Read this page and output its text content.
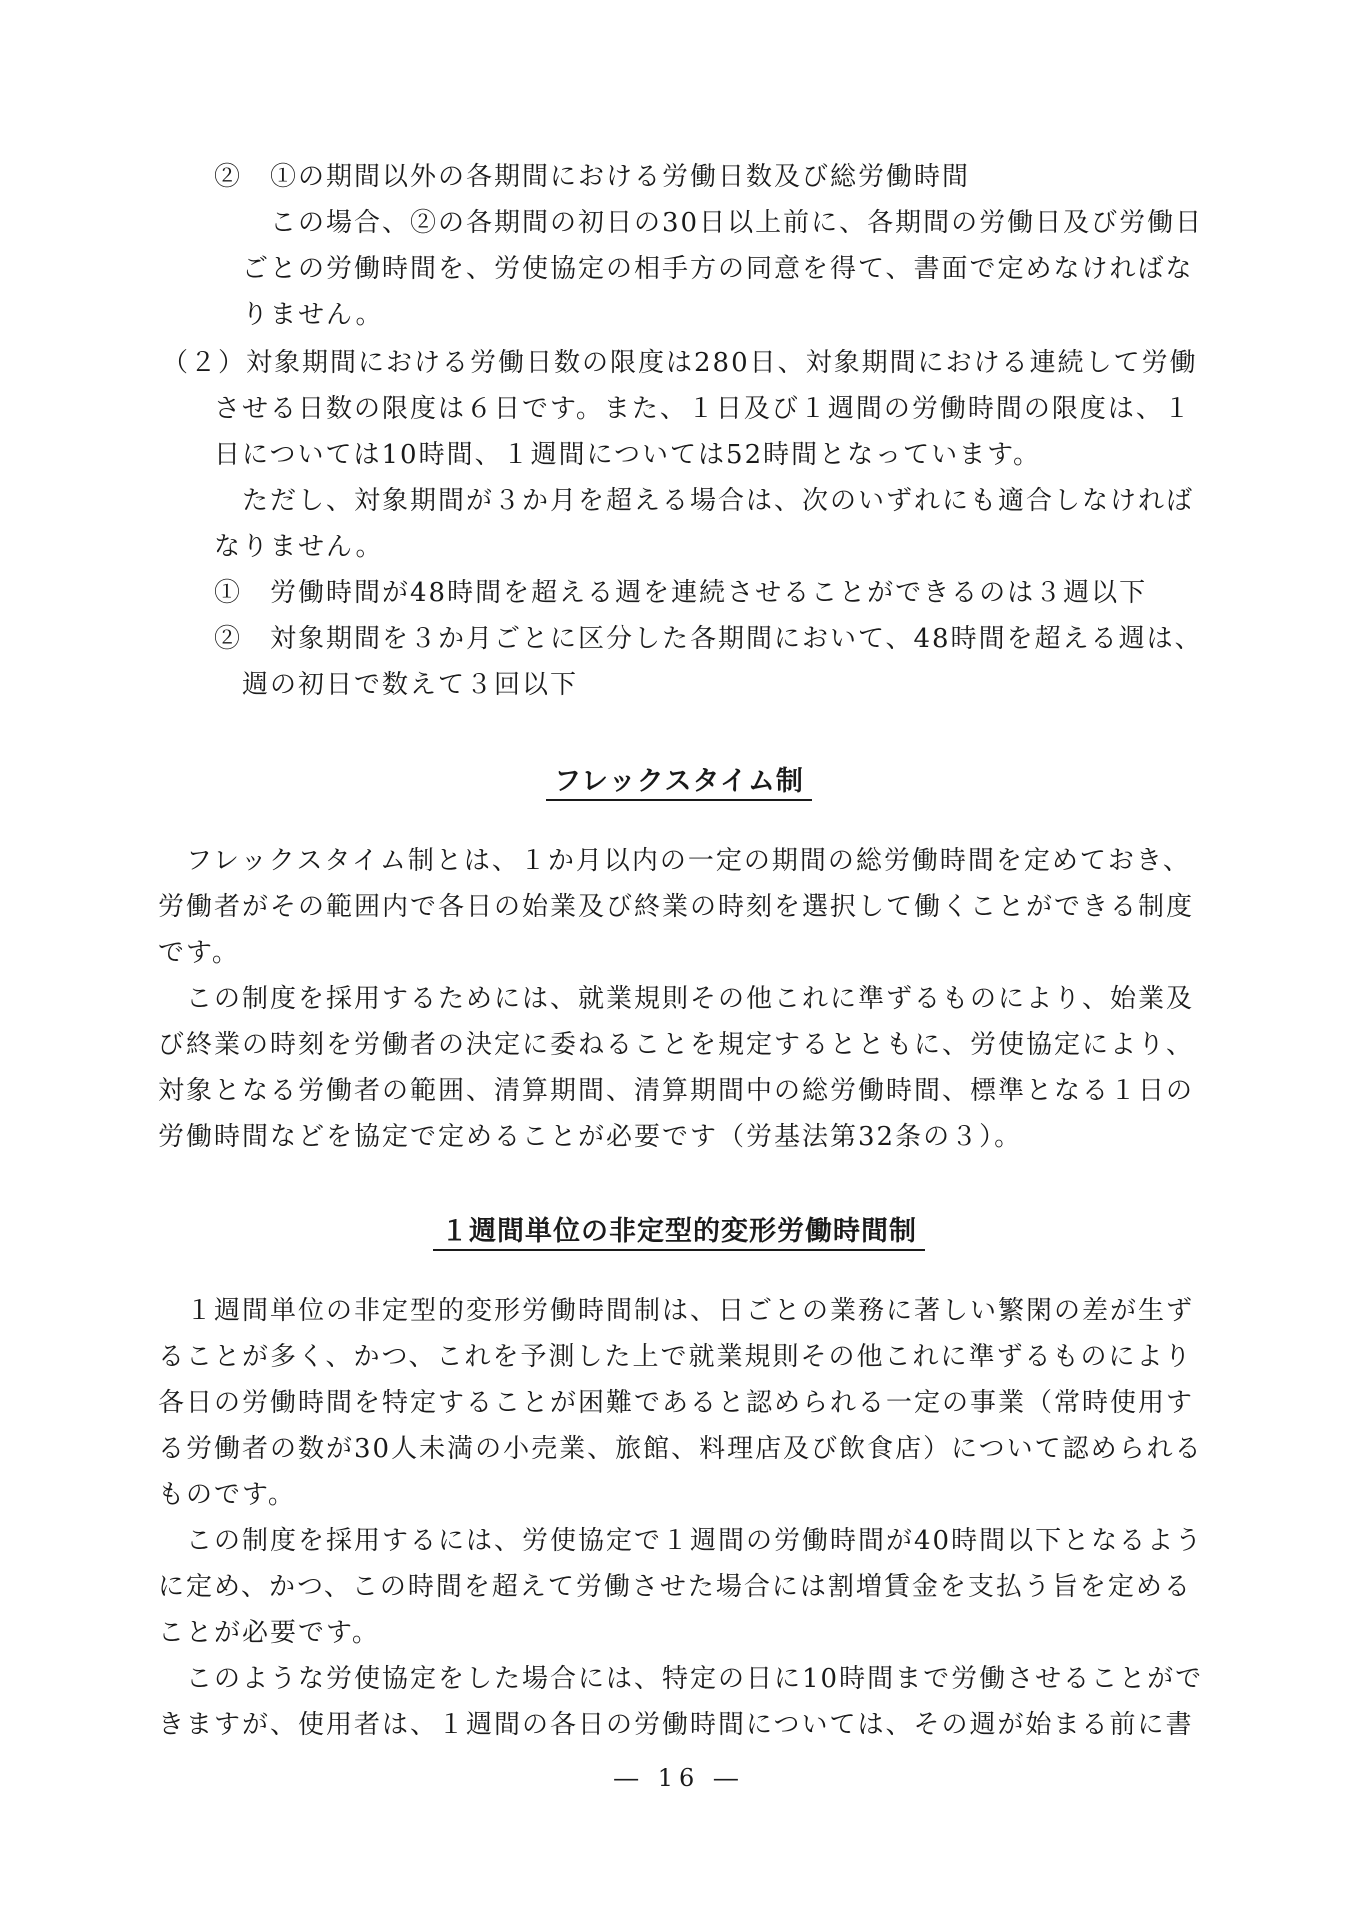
②　①の期間以外の各期間における労働日数及び総労働時間
この場合、②の各期間の初日の30日以上前に、各期間の労働日及び労働日
ごとの労働時間を、労使協定の相手方の同意を得て、書面で定めなければな
りません。
（２）対象期間における労働日数の限度は280日、対象期間における連続して労働
させる日数の限度は６日です。また、１日及び１週間の労働時間の限度は、１
日については10時間、１週間については52時間となっています。
ただし、対象期間が３か月を超える場合は、次のいずれにも適合しなければ
なりません。
①　労働時間が48時間を超える週を連続させることができるのは３週以下
②　対象期間を３か月ごとに区分した各期間において、48時間を超える週は、
週の初日で数えて３回以下
フレックスタイム制
フレックスタイム制とは、１か月以内の一定の期間の総労働時間を定めておき、
労働者がその範囲内で各日の始業及び終業の時刻を選択して働くことができる制度
です。
この制度を採用するためには、就業規則その他これに準ずるものにより、始業及
び終業の時刻を労働者の決定に委ねることを規定するとともに、労使協定により、
対象となる労働者の範囲、清算期間、清算期間中の総労働時間、標準となる１日の
労働時間などを協定で定めることが必要です（労基法第32条の３）。
１週間単位の非定型的変形労働時間制
１週間単位の非定型的変形労働時間制は、日ごとの業務に著しい繁閑の差が生ず
ることが多く、かつ、これを予測した上で就業規則その他これに準ずるものにより
各日の労働時間を特定することが困難であると認められる一定の事業（常時使用す
る労働者の数が30人未満の小売業、旅館、料理店及び飲食店）について認められる
ものです。
この制度を採用するには、労使協定で１週間の労働時間が40時間以下となるよう
に定め、かつ、この時間を超えて労働させた場合には割増賃金を支払う旨を定める
ことが必要です。
このような労使協定をした場合には、特定の日に10時間まで労働させることがで
きますが、使用者は、１週間の各日の労働時間については、その週が始まる前に書
― 16 ―
